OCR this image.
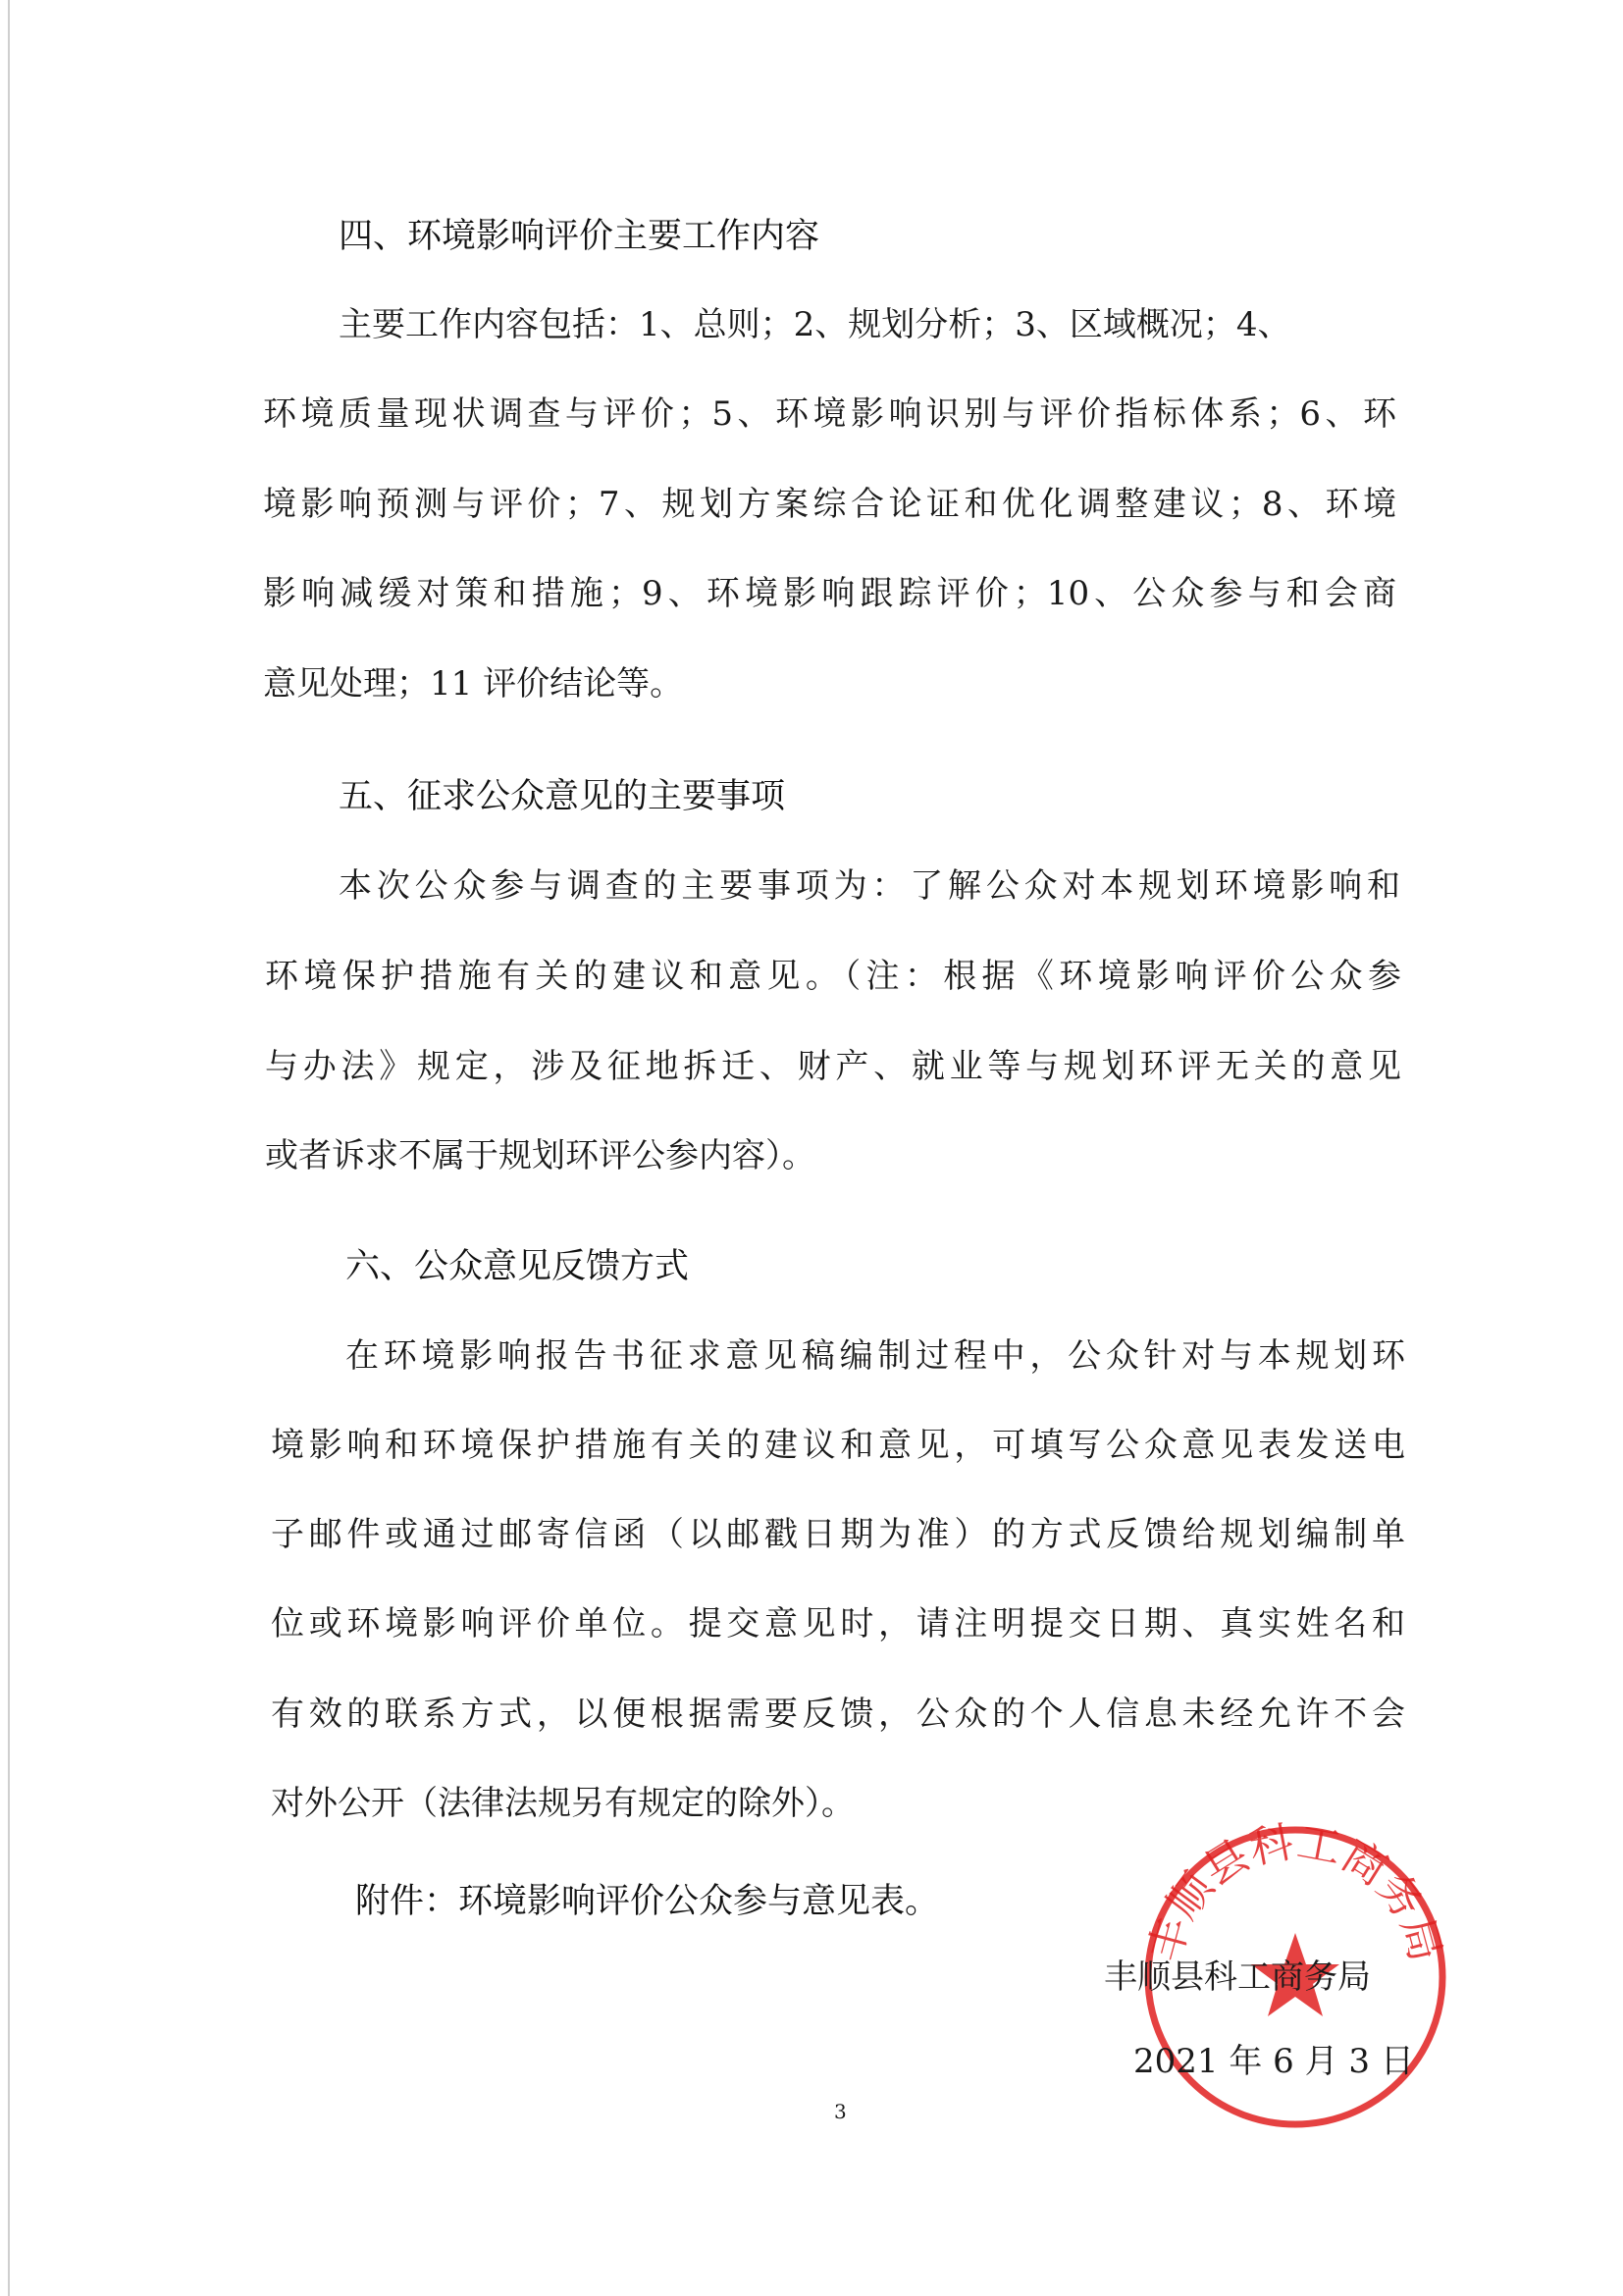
四、环境影响评价主要工作内容
主要工作内容包括：1、总则；2、规划分析；3、区域概况；4、
环境质量现状调查与评价；5、环境影响识别与评价指标体系；6、环
境影响预测与评价；7、规划方案综合论证和优化调整建议；8、环境
影响减缓对策和措施；9、环境影响跟踪评价；10、公众参与和会商
意见处理；11 评价结论等。
五、征求公众意见的主要事项
本次公众参与调查的主要事项为：了解公众对本规划环境影响和
环境保护措施有关的建议和意见。（注：根据《环境影响评价公众参
与办法》规定，涉及征地拆迁、财产、就业等与规划环评无关的意见
或者诉求不属于规划环评公参内容）。
六、公众意见反馈方式
在环境影响报告书征求意见稿编制过程中，公众针对与本规划环
境影响和环境保护措施有关的建议和意见，可填写公众意见表发送电
子邮件或通过邮寄信函（以邮戳日期为准）的方式反馈给规划编制单
位或环境影响评价单位。提交意见时，请注明提交日期、真实姓名和
有效的联系方式，以便根据需要反馈，公众的个人信息未经允许不会
对外公开（法律法规另有规定的除外）。
附件：环境影响评价公众参与意见表。
丰顺县科工商务局
丰顺县科工商务局
2021 年 6 月 3 日
3
